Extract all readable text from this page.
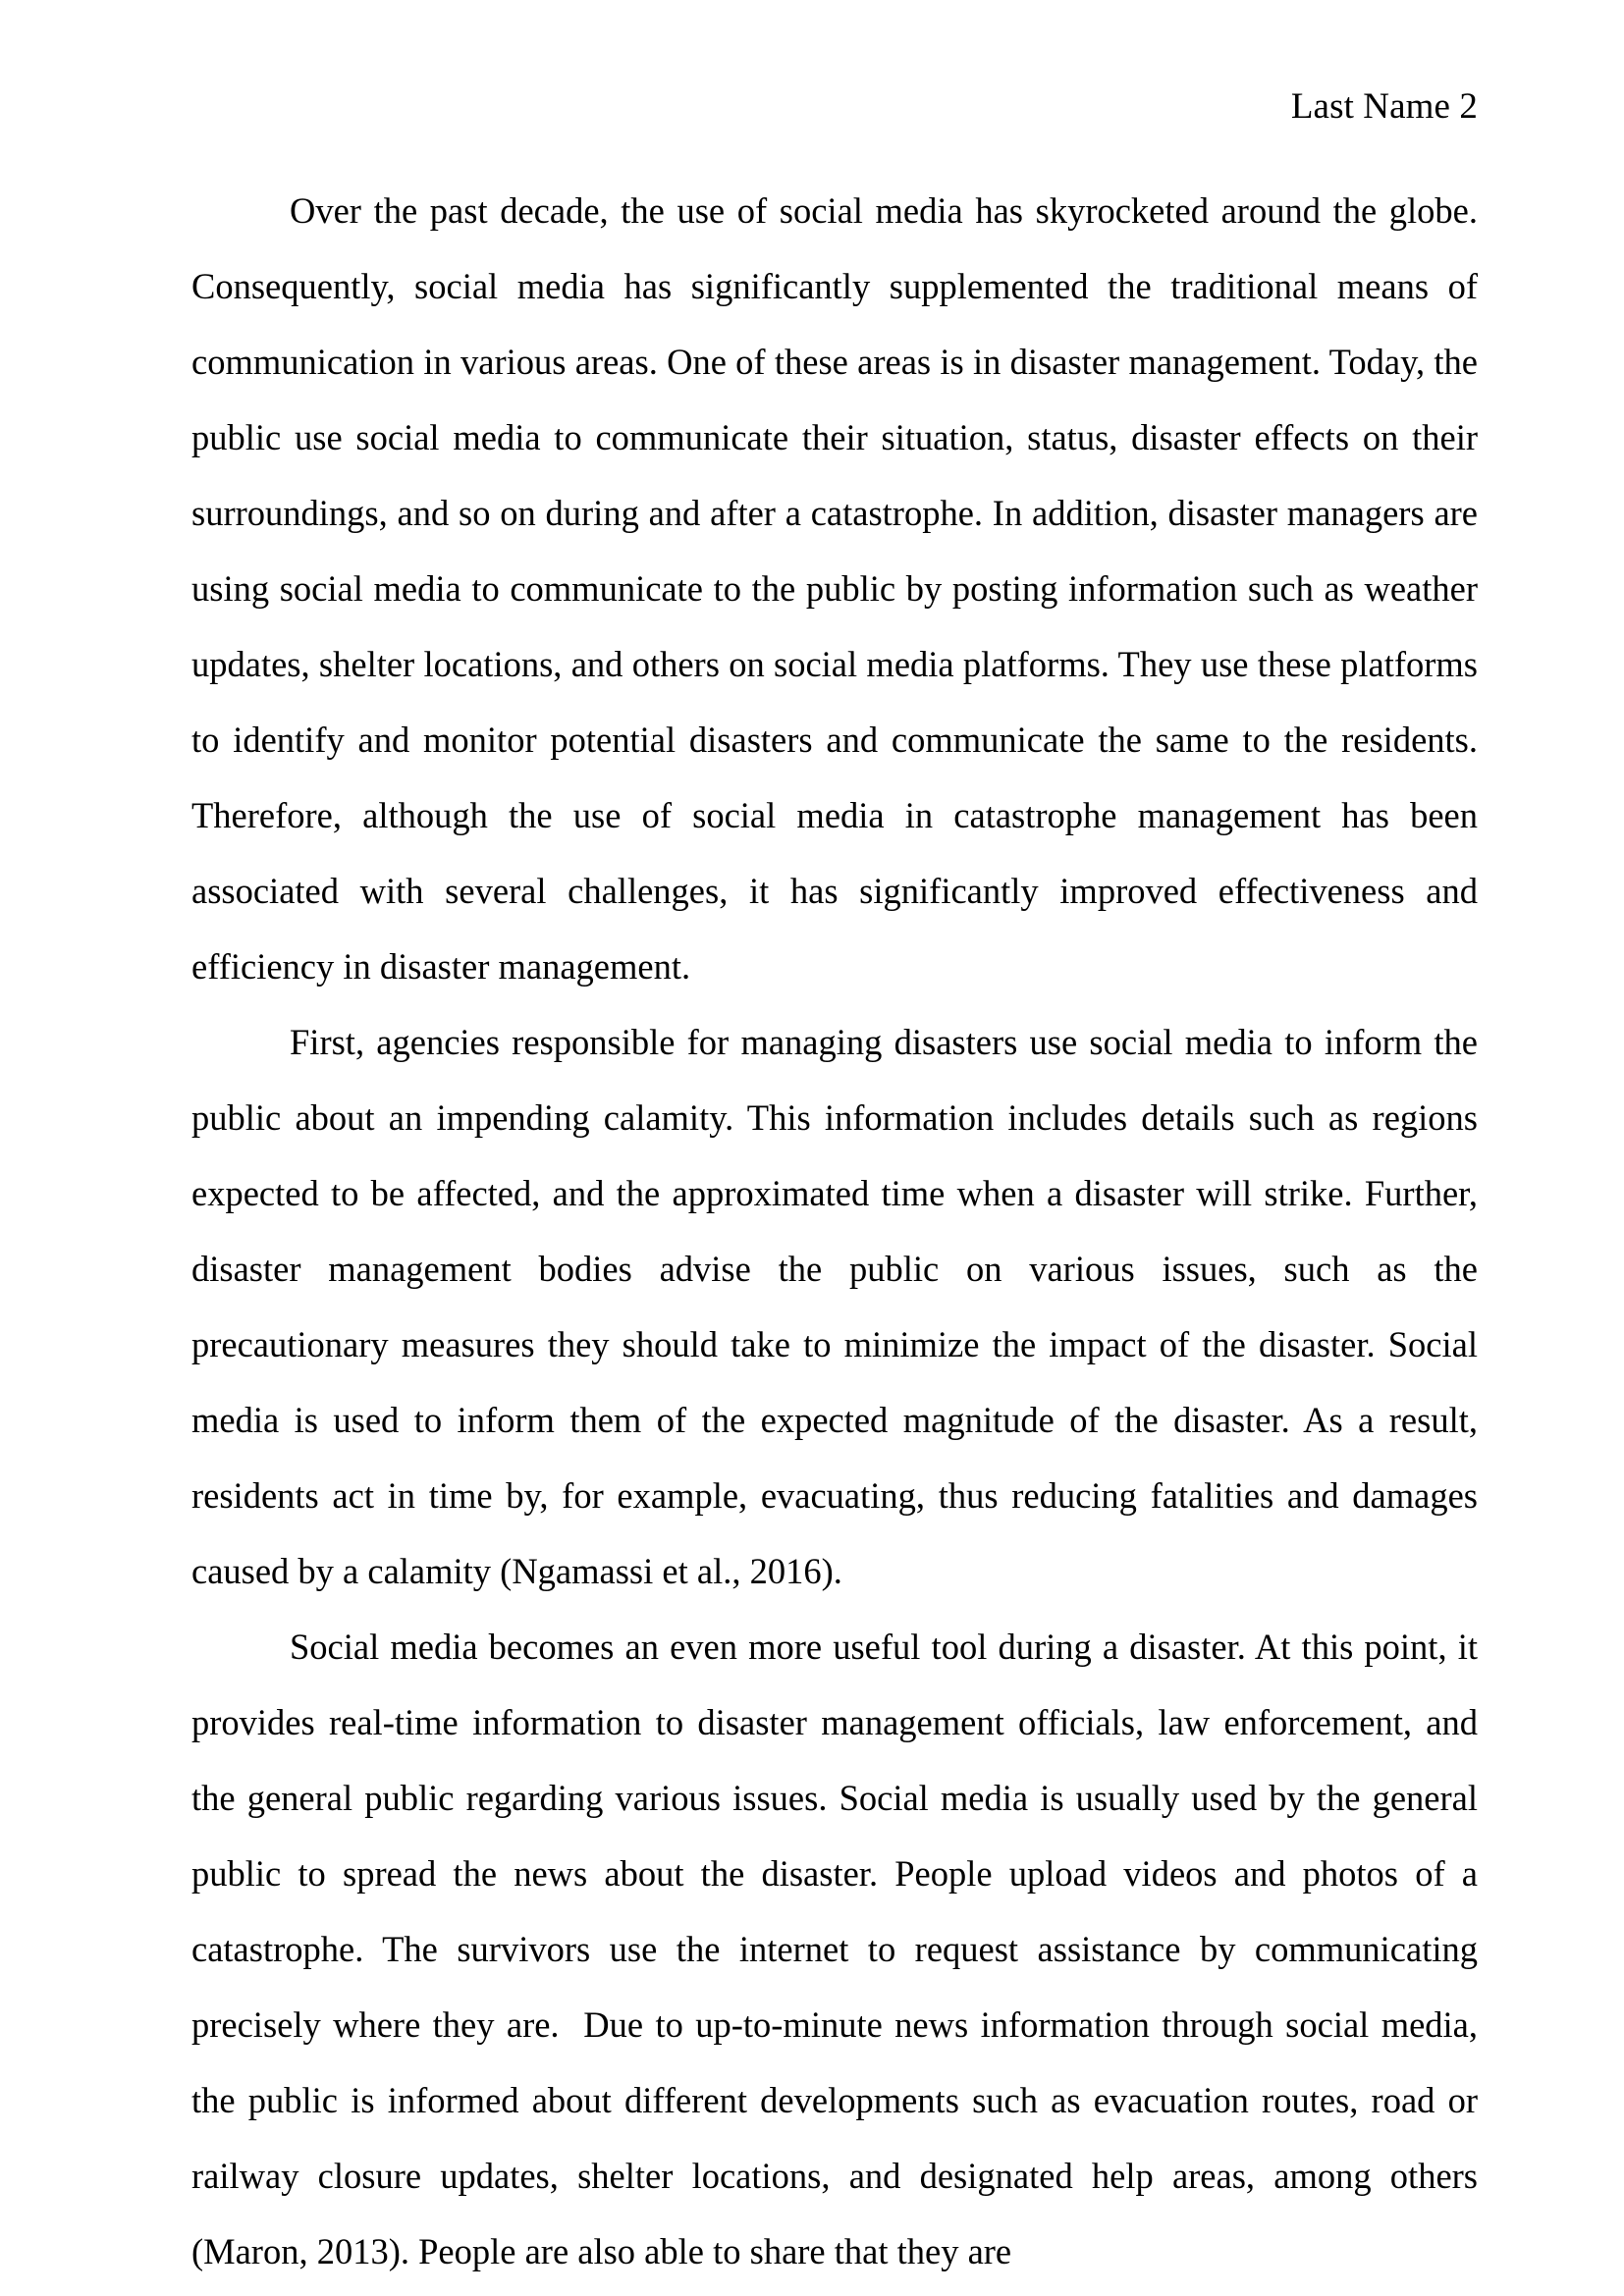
Last Name 2

Over the past decade, the use of social media has skyrocketed around the globe. Consequently, social media has significantly supplemented the traditional means of communication in various areas. One of these areas is in disaster management. Today, the public use social media to communicate their situation, status, disaster effects on their surroundings, and so on during and after a catastrophe. In addition, disaster managers are using social media to communicate to the public by posting information such as weather updates, shelter locations, and others on social media platforms. They use these platforms to identify and monitor potential disasters and communicate the same to the residents. Therefore, although the use of social media in catastrophe management has been associated with several challenges, it has significantly improved effectiveness and efficiency in disaster management.

First, agencies responsible for managing disasters use social media to inform the public about an impending calamity. This information includes details such as regions expected to be affected, and the approximated time when a disaster will strike. Further, disaster management bodies advise the public on various issues, such as the precautionary measures they should take to minimize the impact of the disaster. Social media is used to inform them of the expected magnitude of the disaster. As a result, residents act in time by, for example, evacuating, thus reducing fatalities and damages caused by a calamity (Ngamassi et al., 2016).

Social media becomes an even more useful tool during a disaster. At this point, it provides real-time information to disaster management officials, law enforcement, and the general public regarding various issues. Social media is usually used by the general public to spread the news about the disaster. People upload videos and photos of a catastrophe. The survivors use the internet to request assistance by communicating precisely where they are.  Due to up-to-minute news information through social media, the public is informed about different developments such as evacuation routes, road or railway closure updates, shelter locations, and designated help areas, among others (Maron, 2013). People are also able to share that they are
